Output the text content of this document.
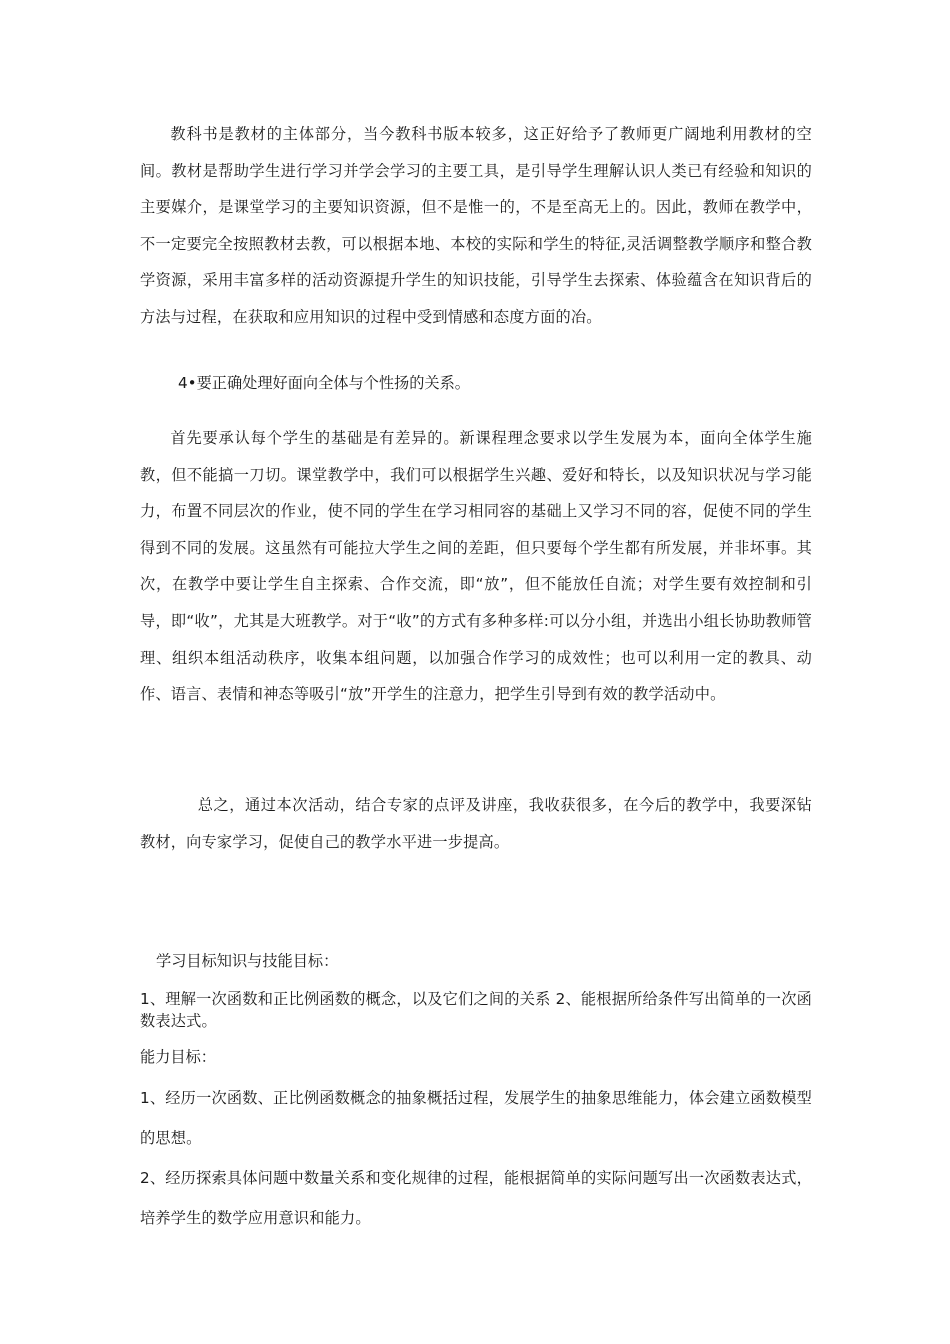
教科书是教材的主体部分，当今教科书版本较多，这正好给予了教师更广阔地利用教材的空间。教材是帮助学生进行学习并学会学习的主要工具，是引导学生理解认识人类已有经验和知识的主要媒介，是课堂学习的主要知识资源，但不是惟一的，不是至高无上的。因此，教师在教学中，不一定要完全按照教材去教，可以根据本地、本校的实际和学生的特征,灵活调整教学顺序和整合教学资源，采用丰富多样的活动资源提升学生的知识技能，引导学生去探索、体验蕴含在知识背后的方法与过程，在获取和应用知识的过程中受到情感和态度方面的冶。

4•要正确处理好面向全体与个性扬的关系。

首先要承认每个学生的基础是有差异的。新课程理念要求以学生发展为本，面向全体学生施教，但不能搞一刀切。课堂教学中，我们可以根据学生兴趣、爱好和特长，以及知识状况与学习能力，布置不同层次的作业，使不同的学生在学习相同容的基础上又学习不同的容，促使不同的学生得到不同的发展。这虽然有可能拉大学生之间的差距，但只要每个学生都有所发展，并非坏事。其次，在教学中要让学生自主探索、合作交流，即“放”，但不能放任自流；对学生要有效控制和引导，即“收”，尤其是大班教学。对于“收”的方式有多种多样:可以分小组，并选出小组长协助教师管理、组织本组活动秩序，收集本组问题，以加强合作学习的成效性；也可以利用一定的教具、动作、语言、表情和神态等吸引“放”开学生的注意力，把学生引导到有效的教学活动中。

总之，通过本次活动，结合专家的点评及讲座，我收获很多，在今后的教学中，我要深钻教材，向专家学习，促使自己的教学水平进一步提高。

学习目标知识与技能目标：

1、理解一次函数和正比例函数的概念，以及它们之间的关系 2、能根据所给条件写出简单的一次函数表达式。

能力目标：

1、经历一次函数、正比例函数概念的抽象概括过程，发展学生的抽象思维能力，体会建立函数模型的思想。

2、经历探索具体问题中数量关系和变化规律的过程，能根据简单的实际问题写出一次函数表达式，培养学生的数学应用意识和能力。
